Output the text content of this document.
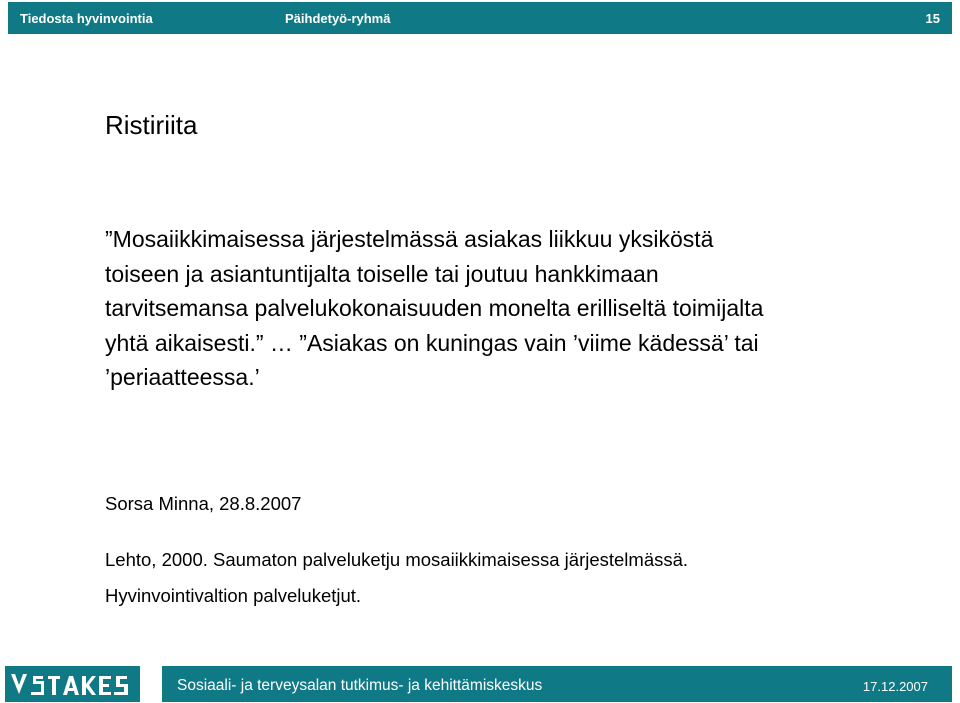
Tiedosta hyvinvointia	Päihdetyö-ryhmä	15
Ristiriita
”Mosaiikkimaisessa järjestelmässä asiakas liikkuu yksiköstä
toiseen ja asiantuntijalta toiselle tai joutuu hankkimaan
tarvitsemansa palvelukokonaisuuden monelta erilliseltä toimijalta
yhtä aikaisesti.” … ”Asiakas on kuningas vain ’viime kädessä’ tai
’periaatteessa.’
Sorsa Minna, 28.8.2007
Lehto, 2000. Saumaton palveluketju mosaiikkimaisessa järjestelmässä.
Hyvinvointivaltion palveluketjut.
Sosiaali- ja terveysalan tutkimus- ja kehittämiskeskus	17.12.2007
